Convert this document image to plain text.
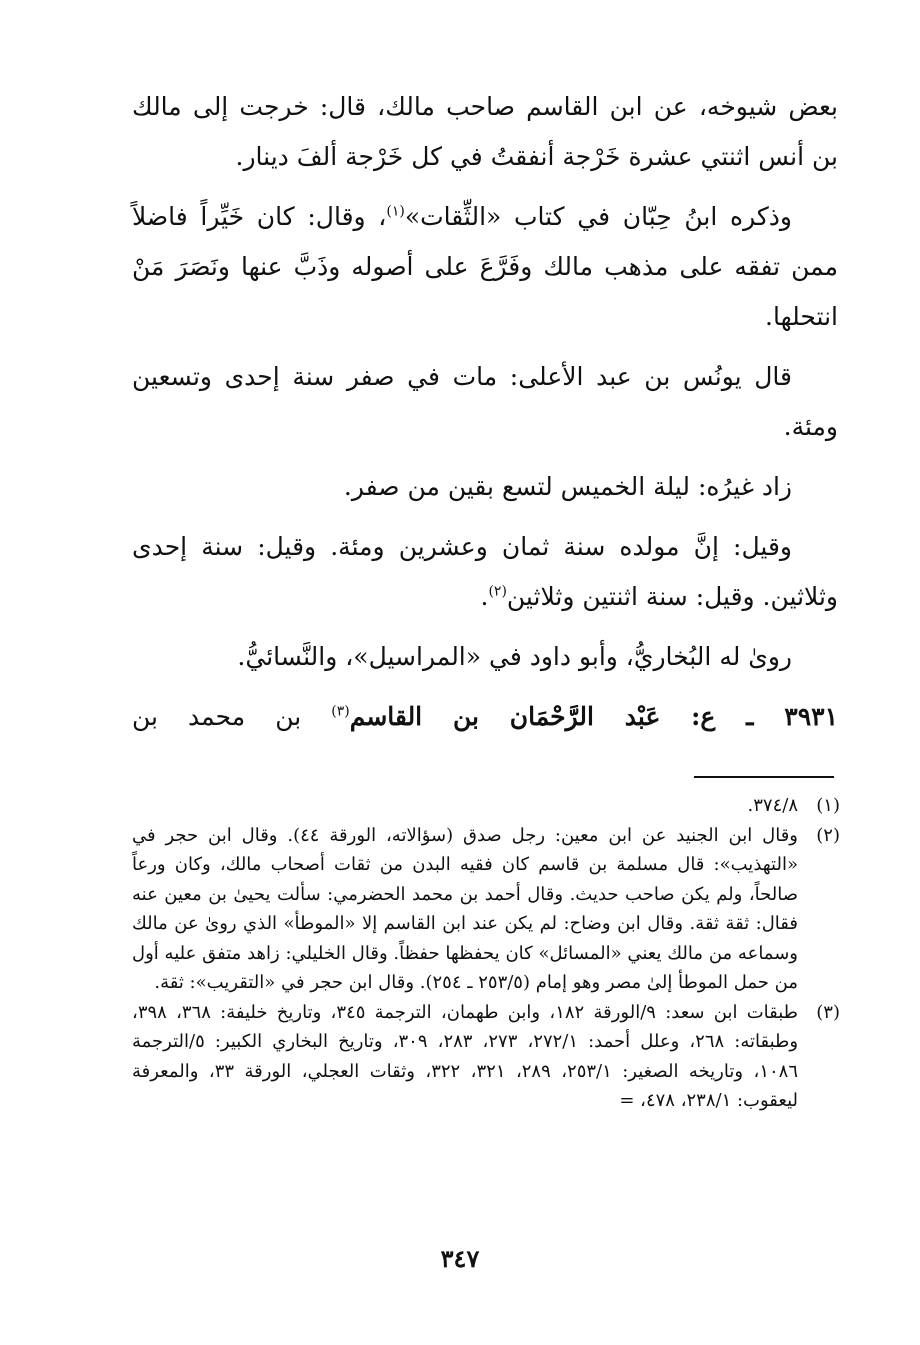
بعض شيوخه، عن ابن القاسم صاحب مالك، قال: خرجت إلى مالك بن أنس اثنتي عشرة خَرْجة أنفقتُ في كل خَرْجة ألفَ دينار.

وذكره ابنُ حِبّان في كتاب «الثِّقات»$^{(١)}$، وقال: كان خَيِّراً فاضلاً ممن تفقه على مذهب مالك وفَرَّعَ على أصوله وذَبَّ عنها ونَصَرَ مَنْ انتحلها.

قال يونُس بن عبد الأعلى: مات في صفر سنة إحدى وتسعين ومئة.

زاد غيرُه: ليلة الخميس لتسع بقين من صفر.

وقيل: إنَّ مولده سنة ثمان وعشرين ومئة. وقيل: سنة إحدى وثلاثين. وقيل: سنة اثنتين وثلاثين$^{(٢)}$.

روىٰ له البُخاريُّ، وأبو داود في «المراسيل»، والنَّسائيُّ.

٣٩٣١ ـ ع: عَبْد الرَّحْمَان بن القاسم$^{(٣)}$ بن محمد بن

(١)
٣٧٤/٨.
(٢)
وقال ابن الجنيد عن ابن معين: رجل صدق (سؤالاته، الورقة ٤٤). وقال ابن حجر في «التهذيب»: قال مسلمة بن قاسم كان فقيه البدن من ثقات أصحاب مالك، وكان ورعاً صالحاً، ولم يكن صاحب حديث. وقال أحمد بن محمد الحضرمي: سألت يحيىٰ بن معين عنه فقال: ثقة ثقة. وقال ابن وضاح: لم يكن عند ابن القاسم إلا «الموطأ» الذي روىٰ عن مالك وسماعه من مالك يعني «المسائل» كان يحفظها حفظاً. وقال الخليلي: زاهد متفق عليه أول من حمل الموطأ إلىٰ مصر وهو إمام (٢٥٣/٥ ـ ٢٥٤). وقال ابن حجر في «التقريب»: ثقة.
(٣)
طبقات ابن سعد: ٩/الورقة ١٨٢، وابن طهمان، الترجمة ٣٤٥، وتاريخ خليفة: ٣٦٨، ٣٩٨، وطبقاته: ٢٦٨، وعلل أحمد: ٢٧٢/١، ٢٧٣، ٢٨٣، ٣٠٩، وتاريخ البخاري الكبير: ٥/الترجمة ١٠٨٦، وتاريخه الصغير: ٢٥٣/١، ٢٨٩، ٣٢١، ٣٢٢، وثقات العجلي، الورقة ٣٣، والمعرفة ليعقوب: ٢٣٨/١، ٤٧٨، =
٣٤٧
